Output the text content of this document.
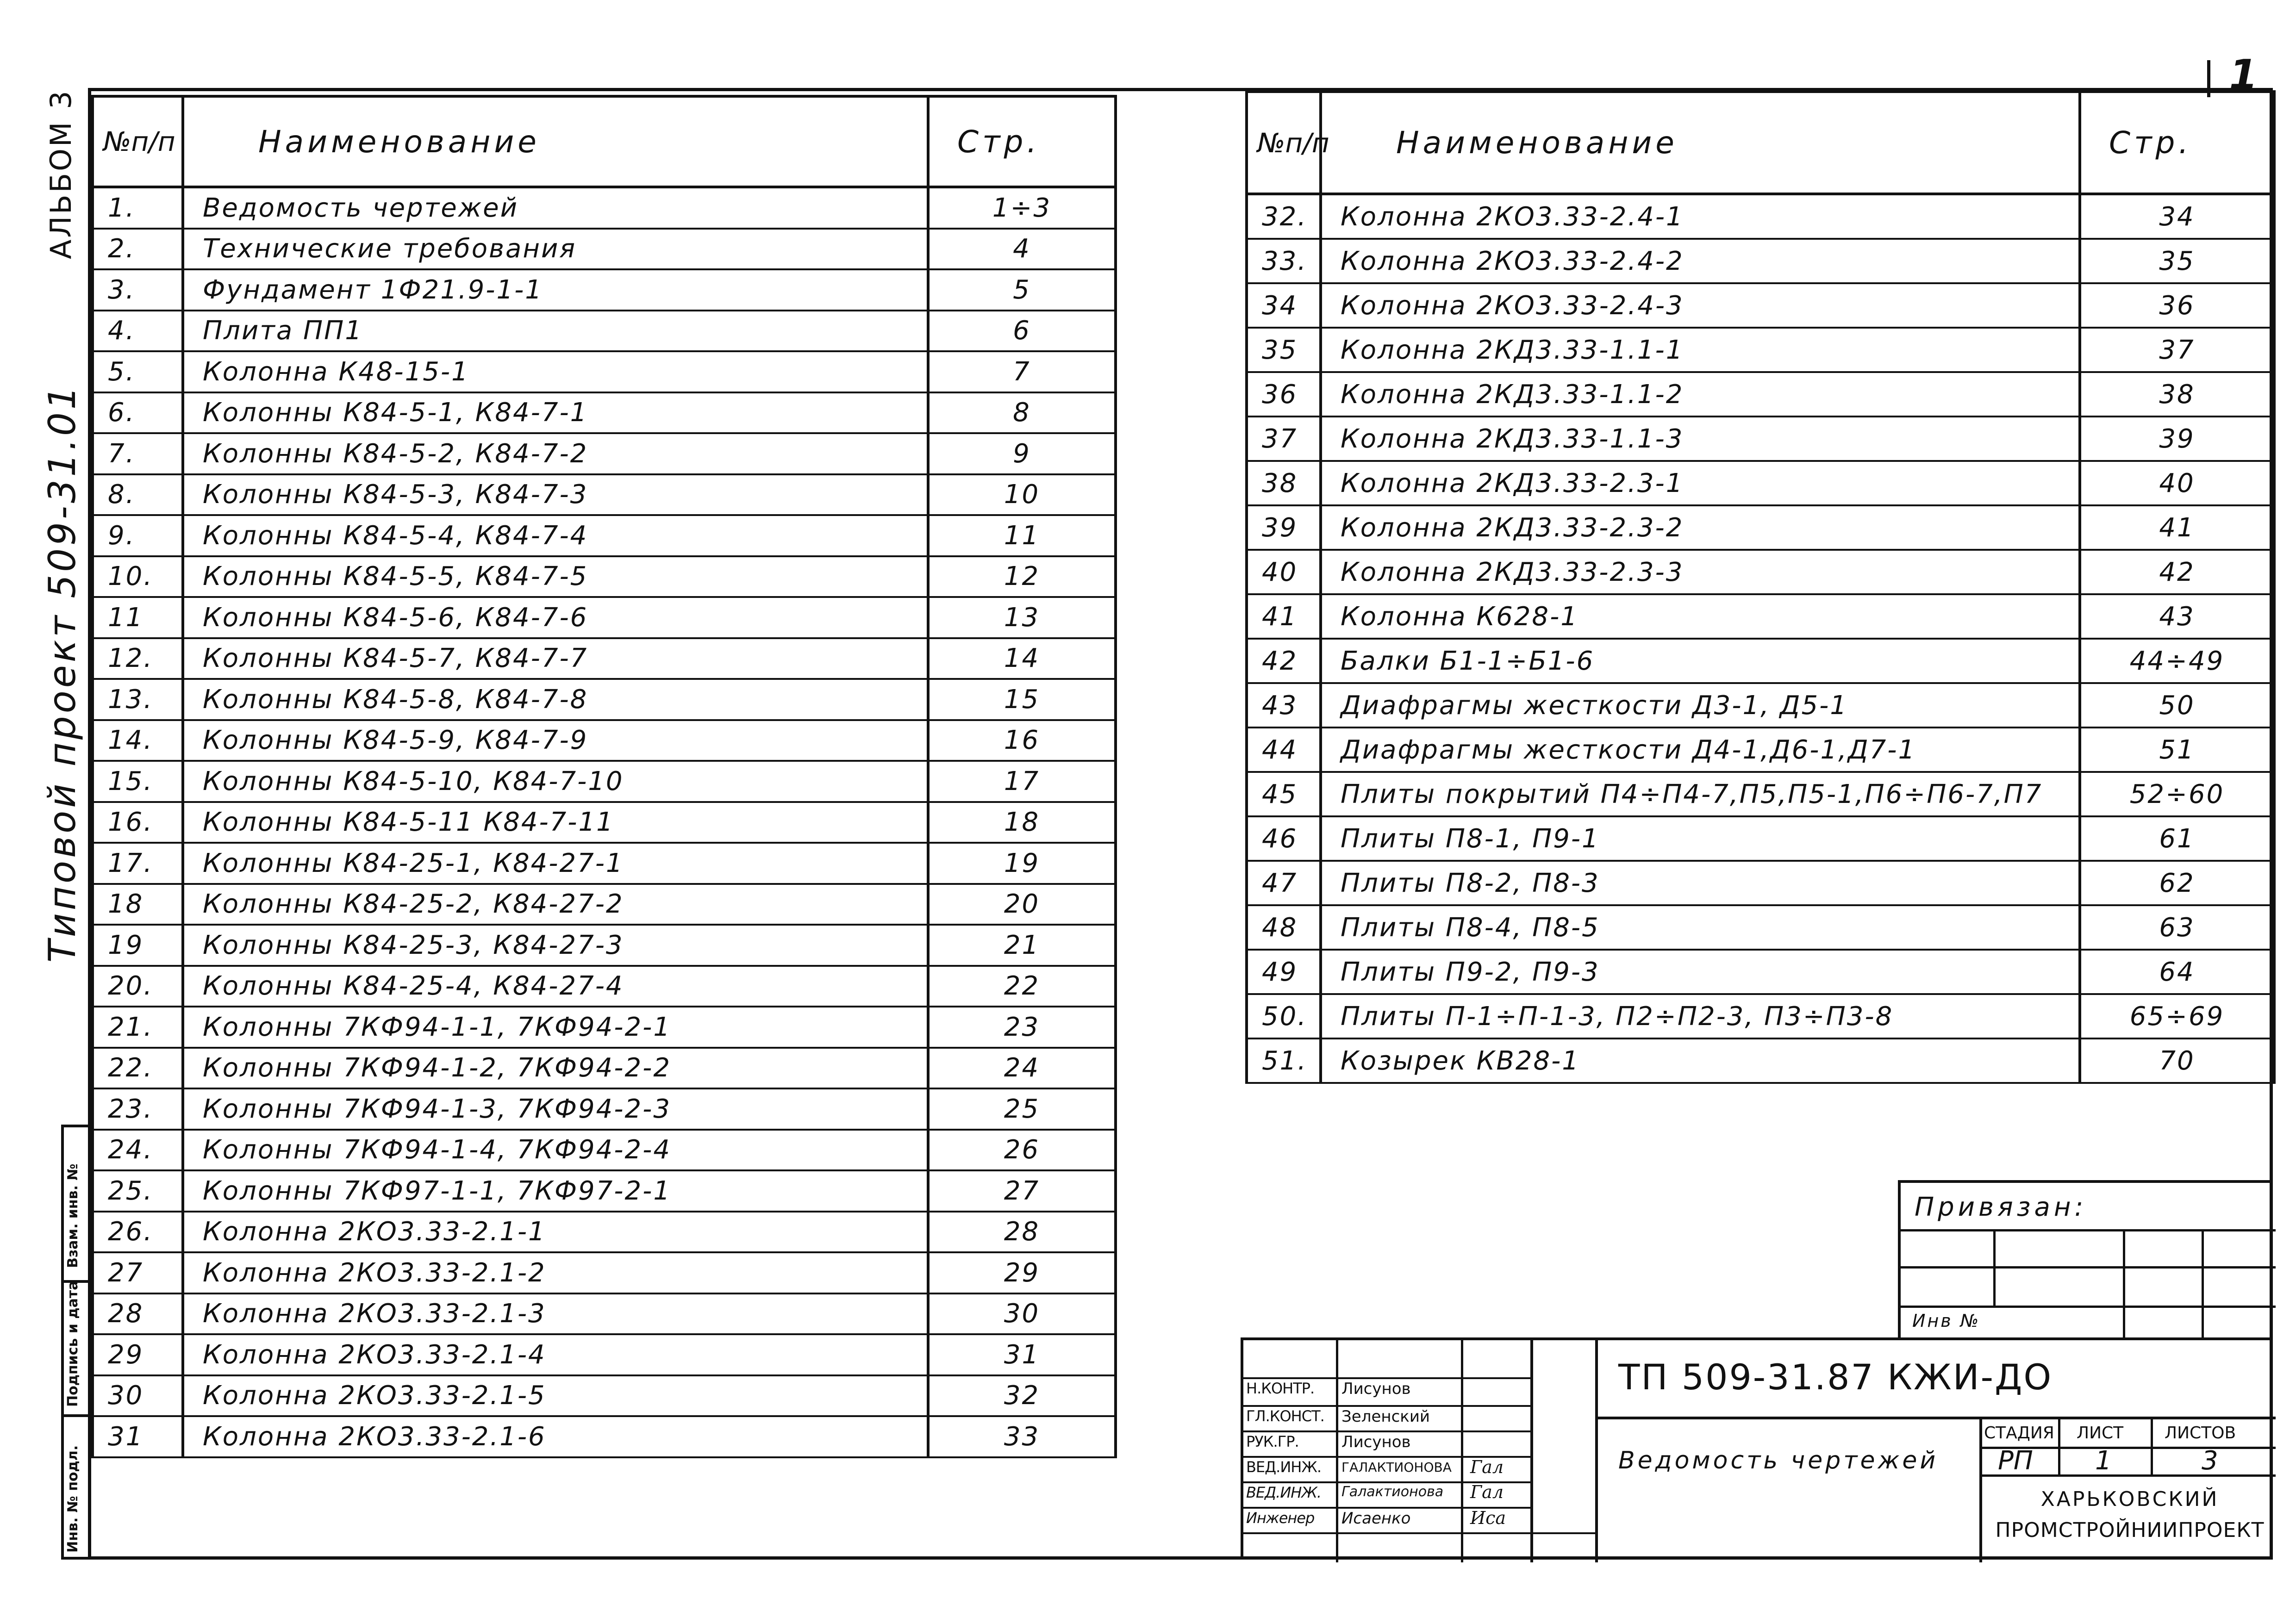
1
АЛЬБОМ 3
Типовой проект 509-31.01
Инв. № подл.
Подпись и дата
Взам. инв. №
№п/п	Наименование	Стр.
1.	Ведомость чертежей	1÷3
2.	Технические требования	4
3.	Фундамент 1Ф21.9-1-1	5
4.	Плита ПП1	6
5.	Колонна К48-15-1	7
6.	Колонны К84-5-1, К84-7-1	8
7.	Колонны К84-5-2, К84-7-2	9
8.	Колонны К84-5-3, К84-7-3	10
9.	Колонны К84-5-4, К84-7-4	11
10.	Колонны К84-5-5, К84-7-5	12
11	Колонны К84-5-6, К84-7-6	13
12.	Колонны К84-5-7, К84-7-7	14
13.	Колонны К84-5-8, К84-7-8	15
14.	Колонны К84-5-9, К84-7-9	16
15.	Колонны К84-5-10, К84-7-10	17
16.	Колонны К84-5-11 К84-7-11	18
17.	Колонны К84-25-1, К84-27-1	19
18	Колонны К84-25-2, К84-27-2	20
19	Колонны К84-25-3, К84-27-3	21
20.	Колонны К84-25-4, К84-27-4	22
21.	Колонны 7КФ94-1-1, 7КФ94-2-1	23
22.	Колонны 7КФ94-1-2, 7КФ94-2-2	24
23.	Колонны 7КФ94-1-3, 7КФ94-2-3	25
24.	Колонны 7КФ94-1-4, 7КФ94-2-4	26
25.	Колонны 7КФ97-1-1, 7КФ97-2-1	27
26.	Колонна 2КО3.33-2.1-1	28
27	Колонна 2КО3.33-2.1-2	29
28	Колонна 2КО3.33-2.1-3	30
29	Колонна 2КО3.33-2.1-4	31
30	Колонна 2КО3.33-2.1-5	32
31	Колонна 2КО3.33-2.1-6	33
№п/п	Наименование	Стр.
32.	Колонна 2КО3.33-2.4-1	34
33.	Колонна 2КО3.33-2.4-2	35
34	Колонна 2КО3.33-2.4-3	36
35	Колонна 2КД3.33-1.1-1	37
36	Колонна 2КД3.33-1.1-2	38
37	Колонна 2КД3.33-1.1-3	39
38	Колонна 2КД3.33-2.3-1	40
39	Колонна 2КД3.33-2.3-2	41
40	Колонна 2КД3.33-2.3-3	42
41	Колонна К628-1	43
42	Балки Б1-1÷Б1-6	44÷49
43	Диафрагмы жесткости Д3-1, Д5-1	50
44	Диафрагмы жесткости Д4-1,Д6-1,Д7-1	51
45	Плиты покрытий П4÷П4-7,П5,П5-1,П6÷П6-7,П7	52÷60
46	Плиты П8-1, П9-1	61
47	Плиты П8-2, П8-3	62
48	Плиты П8-4, П8-5	63
49	Плиты П9-2, П9-3	64
50.	Плиты П-1÷П-1-3, П2÷П2-3, П3÷П3-8	65÷69
51.	Козырек КВ28-1	70
Привязан:
Инв №
Н.КОНТР. Лисунов
ГЛ.КОНСТ. Зеленский
РУК.ГР.	Лисунов
ВЕД.ИНЖ. ГАЛАКТИОНОВА Гал
ВЕД.ИНЖ. Галактионова Гал
Инженер Исаенко	Иса
ТП 509-31.87 КЖИ-ДО
Ведомость чертежей
СТАДИЯ ЛИСТ ЛИСТОВ
РП 1	3
ХАРЬКОВСКИЙ
ПРОМСТРОЙНИИПРОЕКТ
